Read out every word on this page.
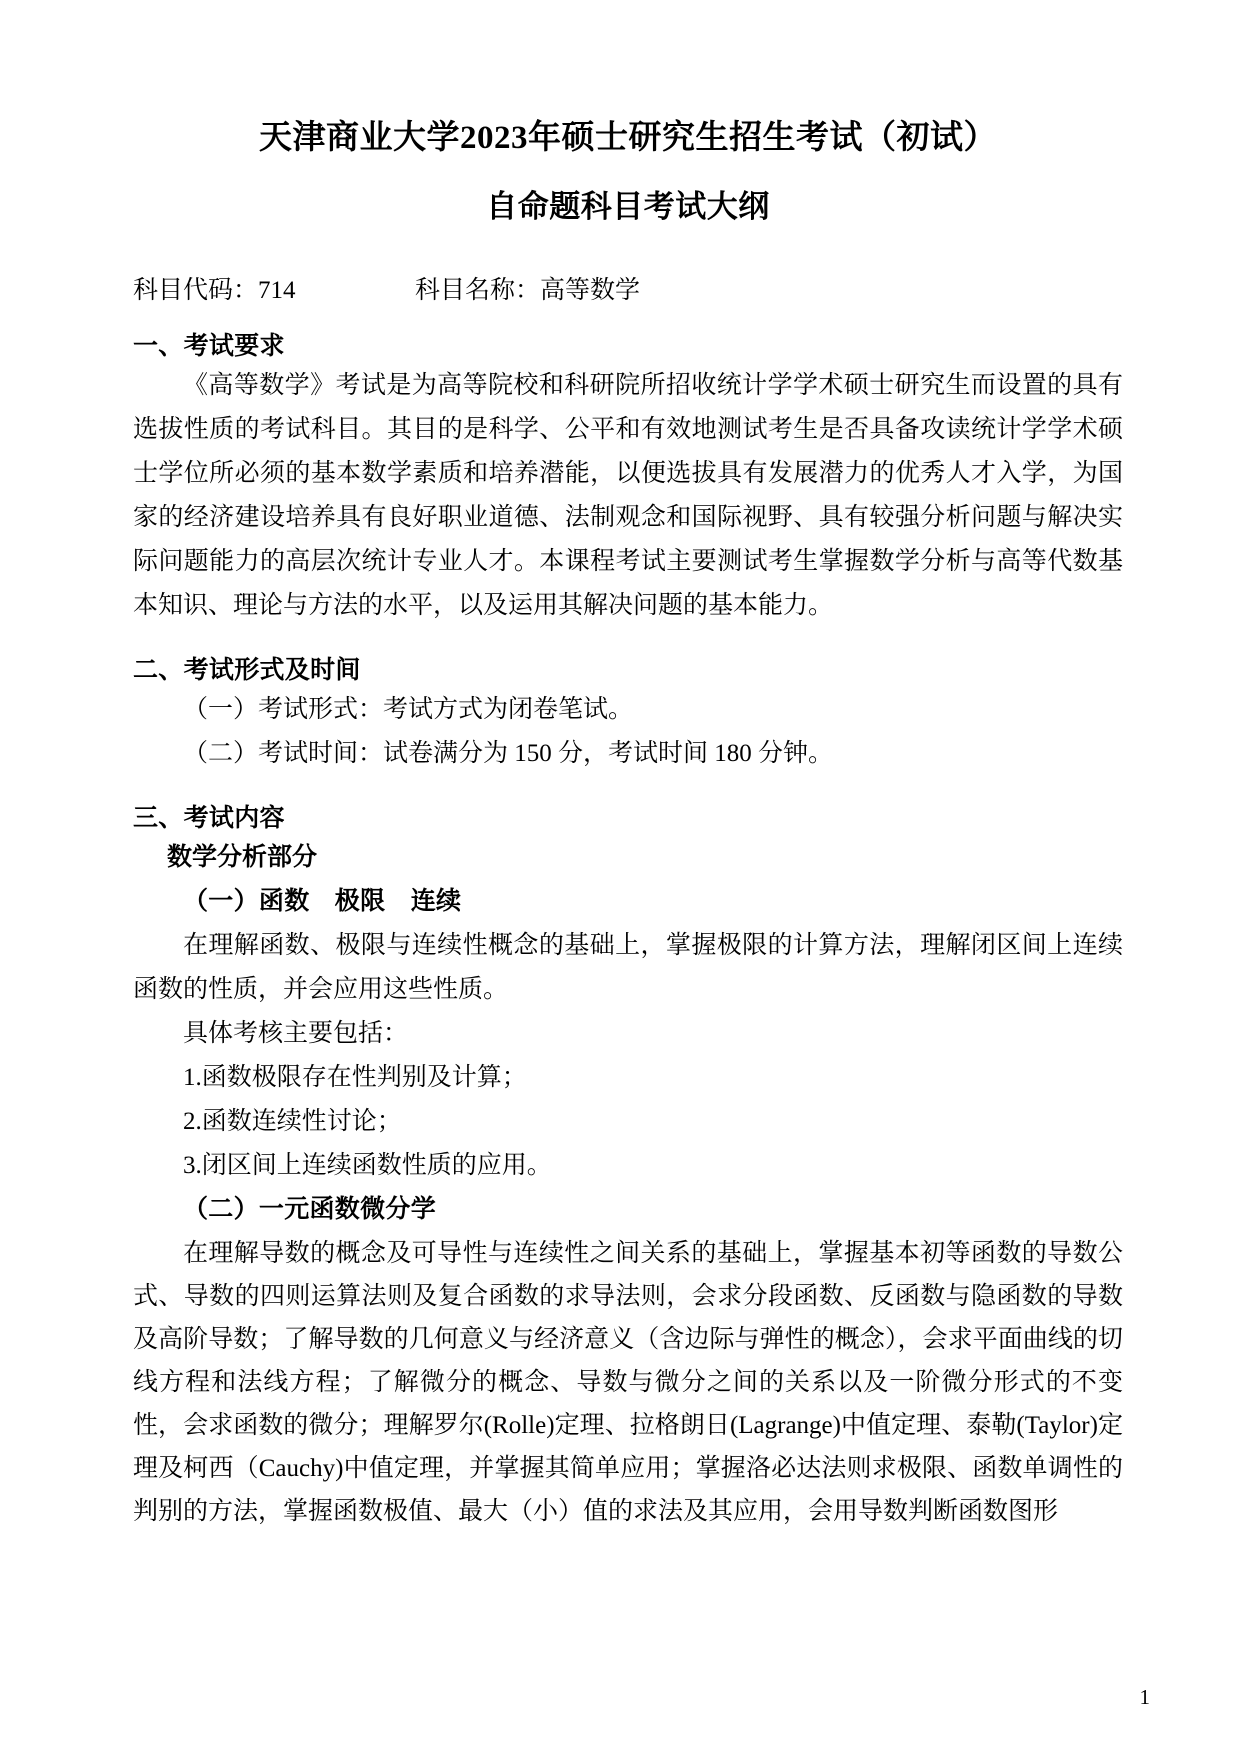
天津商业大学2023年硕士研究生招生考试（初试）
自命题科目考试大纲
科目代码：714	科目名称：高等数学
一、考试要求

《高等数学》考试是为高等院校和科研院所招收统计学学术硕士研究生而设置的具有选拔性质的考试科目。其目的是科学、公平和有效地测试考生是否具备攻读统计学学术硕士学位所必须的基本数学素质和培养潜能，以便选拔具有发展潜力的优秀人才入学，为国家的经济建设培养具有良好职业道德、法制观念和国际视野、具有较强分析问题与解决实际问题能力的高层次统计专业人才。本课程考试主要测试考生掌握数学分析与高等代数基本知识、理论与方法的水平，以及运用其解决问题的基本能力。

二、考试形式及时间

（一）考试形式：考试方式为闭卷笔试。

（二）考试时间：试卷满分为 150 分，考试时间 180 分钟。

三、考试内容

数学分析部分

（一）函数　极限　连续

在理解函数、极限与连续性概念的基础上，掌握极限的计算方法，理解闭区间上连续函数的性质，并会应用这些性质。

具体考核主要包括：

1.函数极限存在性判别及计算；

2.函数连续性讨论；

3.闭区间上连续函数性质的应用。

（二）一元函数微分学

在理解导数的概念及可导性与连续性之间关系的基础上，掌握基本初等函数的导数公式、导数的四则运算法则及复合函数的求导法则，会求分段函数、反函数与隐函数的导数及高阶导数；了解导数的几何意义与经济意义（含边际与弹性的概念），会求平面曲线的切线方程和法线方程；了解微分的概念、导数与微分之间的关系以及一阶微分形式的不变性，会求函数的微分；理解罗尔(Rolle)定理、拉格朗日(Lagrange)中值定理、泰勒(Taylor)定理及柯西（Cauchy)中值定理，并掌握其简单应用；掌握洛必达法则求极限、函数单调性的判别的方法，掌握函数极值、最大（小）值的求法及其应用，会用导数判断函数图形

1
